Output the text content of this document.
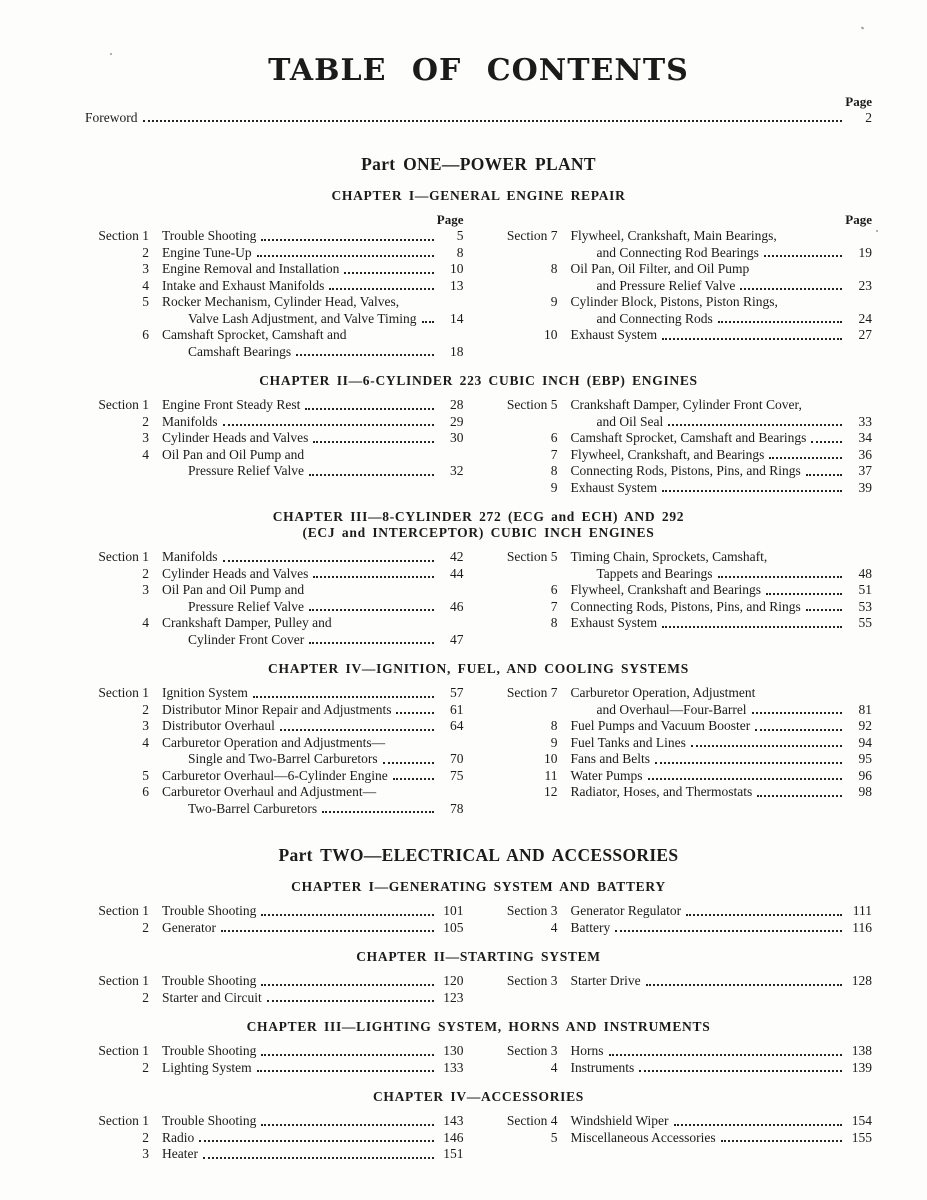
TABLE OF CONTENTS
Page
Foreword	2
Part ONE—POWER PLANT
CHAPTER I—GENERAL ENGINE REPAIR
Page	Page
Section 1 Trouble Shooting	5
2 Engine Tune-Up	8
3 Engine Removal and Installation	10
4 Intake and Exhaust Manifolds	13
5 Rocker Mechanism, Cylinder Head, Valves,
Valve Lash Adjustment, and Valve Timing	14
6 Camshaft Sprocket, Camshaft and
Camshaft Bearings	18
Section 7 Flywheel, Crankshaft, Main Bearings,
and Connecting Rod Bearings	19
8 Oil Pan, Oil Filter, and Oil Pump
and Pressure Relief Valve	23
9 Cylinder Block, Pistons, Piston Rings,
and Connecting Rods	24
10 Exhaust System	27
CHAPTER II—6-CYLINDER 223 CUBIC INCH (EBP) ENGINES
Section 1 Engine Front Steady Rest	28
2 Manifolds	29
3 Cylinder Heads and Valves	30
4 Oil Pan and Oil Pump and
Pressure Relief Valve	32
Section 5 Crankshaft Damper, Cylinder Front Cover,
and Oil Seal	33
6 Camshaft Sprocket, Camshaft and Bearings	34
7 Flywheel, Crankshaft, and Bearings	36
8 Connecting Rods, Pistons, Pins, and Rings	37
9 Exhaust System	39
CHAPTER III—8-CYLINDER 272 (ECG and ECH) AND 292
(ECJ and INTERCEPTOR) CUBIC INCH ENGINES
Section 1 Manifolds	42
2 Cylinder Heads and Valves	44
3 Oil Pan and Oil Pump and
Pressure Relief Valve	46
4 Crankshaft Damper, Pulley and
Cylinder Front Cover	47
Section 5 Timing Chain, Sprockets, Camshaft,
Tappets and Bearings	48
6 Flywheel, Crankshaft and Bearings	51
7 Connecting Rods, Pistons, Pins, and Rings	53
8 Exhaust System	55
CHAPTER IV—IGNITION, FUEL, AND COOLING SYSTEMS
Section 1 Ignition System	57
2 Distributor Minor Repair and Adjustments	61
3 Distributor Overhaul	64
4 Carburetor Operation and Adjustments—
Single and Two-Barrel Carburetors	70
5 Carburetor Overhaul—6-Cylinder Engine	75
6 Carburetor Overhaul and Adjustment—
Two-Barrel Carburetors	78
Section 7 Carburetor Operation, Adjustment
and Overhaul—Four-Barrel	81
8 Fuel Pumps and Vacuum Booster	92
9 Fuel Tanks and Lines	94
10 Fans and Belts	95
11 Water Pumps	96
12 Radiator, Hoses, and Thermostats	98
Part TWO—ELECTRICAL AND ACCESSORIES
CHAPTER I—GENERATING SYSTEM AND BATTERY
Section 1 Trouble Shooting	101
2 Generator	105
Section 3 Generator Regulator	111
4 Battery	116
CHAPTER II—STARTING SYSTEM
Section 1 Trouble Shooting	120
2 Starter and Circuit	123
Section 3 Starter Drive	128
CHAPTER III—LIGHTING SYSTEM, HORNS AND INSTRUMENTS
Section 1 Trouble Shooting	130
2 Lighting System	133
Section 3 Horns	138
4 Instruments	139
CHAPTER IV—ACCESSORIES
Section 1 Trouble Shooting	143
2 Radio	146
3 Heater	151
Section 4 Windshield Wiper	154
5 Miscellaneous Accessories	155
